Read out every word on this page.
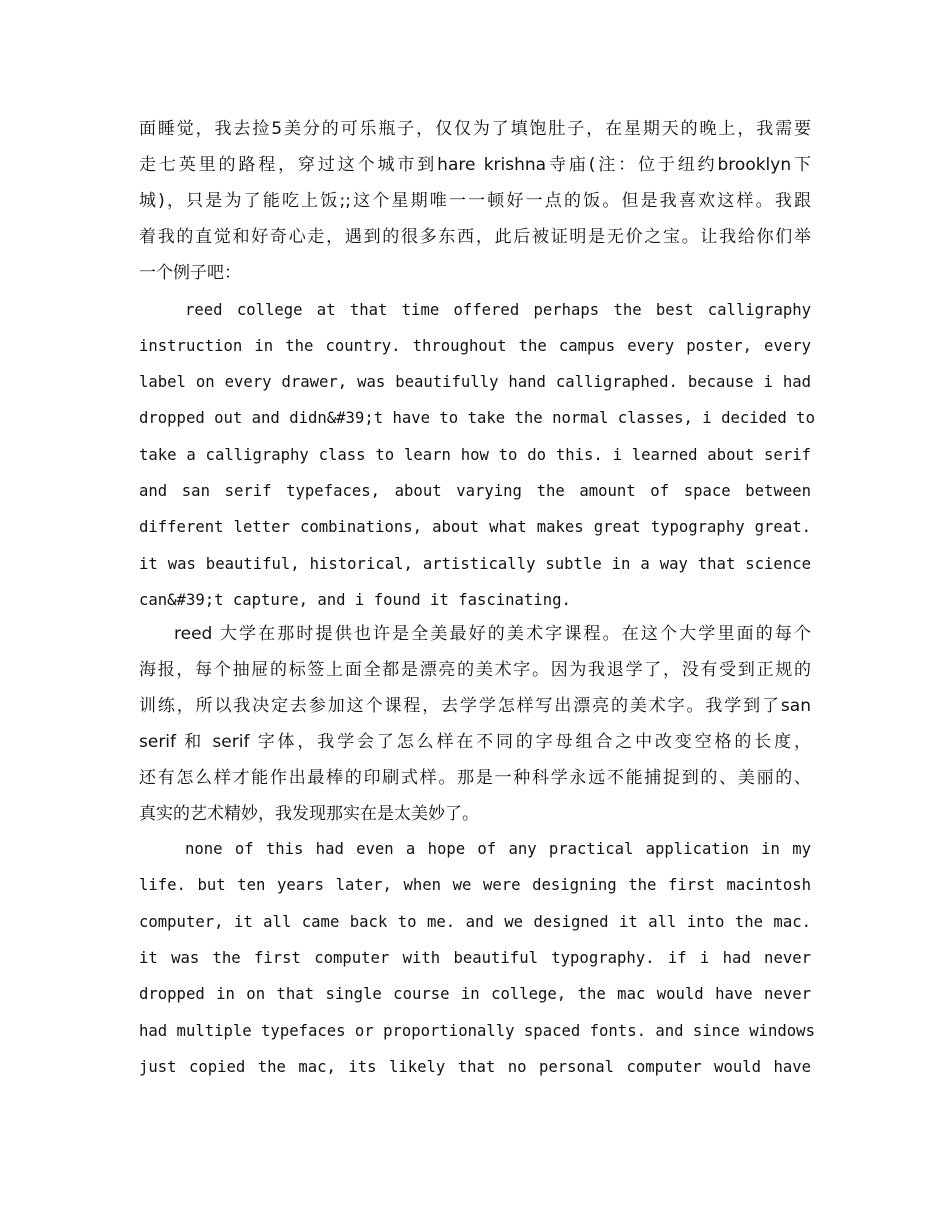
面睡觉，我去捡5美分的可乐瓶子，仅仅为了填饱肚子，在星期天的晚上，我需要

走七英里的路程，穿过这个城市到hare krishna寺庙(注：位于纽约brooklyn下

城)，只是为了能吃上饭;;这个星期唯一一顿好一点的饭。但是我喜欢这样。我跟

着我的直觉和好奇心走，遇到的很多东西，此后被证明是无价之宝。让我给你们举

一个例子吧：

reed college at that time offered perhaps the best calligraphy

instruction in the country. throughout the campus every poster, every

label on every drawer, was beautifully hand calligraphed. because i had

dropped out and didn&#39;t have to take the normal classes, i decided to

take a calligraphy class to learn how to do this. i learned about serif

and san serif typefaces, about varying the amount of space between

different letter combinations, about what makes great typography great.

it was beautiful, historical, artistically subtle in a way that science

can&#39;t capture, and i found it fascinating.

reed 大学在那时提供也许是全美最好的美术字课程。在这个大学里面的每个

海报，每个抽屉的标签上面全都是漂亮的美术字。因为我退学了，没有受到正规的

训练，所以我决定去参加这个课程，去学学怎样写出漂亮的美术字。我学到了san

serif 和 serif 字体，我学会了怎么样在不同的字母组合之中改变空格的长度，

还有怎么样才能作出最棒的印刷式样。那是一种科学永远不能捕捉到的、美丽的、

真实的艺术精妙，我发现那实在是太美妙了。

none of this had even a hope of any practical application in my

life. but ten years later, when we were designing the first macintosh

computer, it all came back to me. and we designed it all into the mac.

it was the first computer with beautiful typography. if i had never

dropped in on that single course in college, the mac would have never

had multiple typefaces or proportionally spaced fonts. and since windows

just copied the mac, its likely that no personal computer would have
